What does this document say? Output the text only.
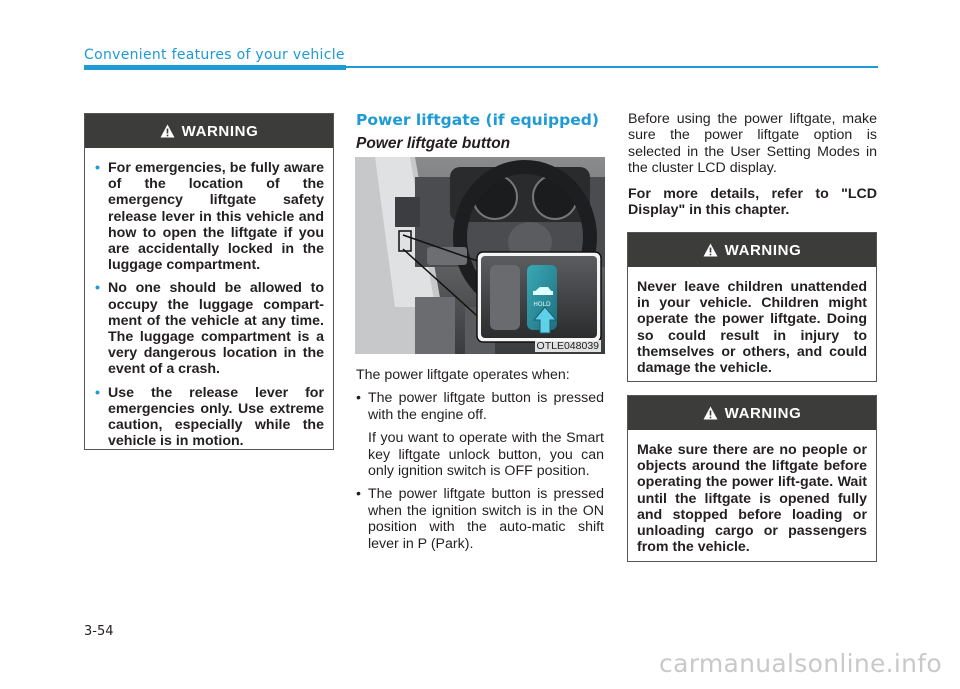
Convenient features of your vehicle
WARNING
• For emergencies, be fully aware of the location of the emergency liftgate safety release lever in this vehicle and how to open the liftgate if you are accidentally locked in the luggage compartment.
• No one should be allowed to occupy the luggage compart-ment of the vehicle at any time. The luggage compartment is a very dangerous location in the event of a crash.
• Use the release lever for emergencies only. Use extreme caution, especially while the vehicle is in motion.
Power liftgate (if equipped)
Power liftgate button
HOLD
OTLE048039

The power liftgate operates when:

• The power liftgate button is pressed with the engine off.

If you want to operate with the Smart key liftgate unlock button, you can only ignition switch is OFF position.

• The power liftgate button is pressed when the ignition switch is in the ON position with the auto-matic shift lever in P (Park).

Before using the power liftgate, make sure the power liftgate option is selected in the User Setting Modes in the cluster LCD display.

For more details, refer to "LCD Display" in this chapter.

WARNING
Never leave children unattended in your vehicle. Children might operate the power liftgate. Doing so could result in injury to themselves or others, and could damage the vehicle.
WARNING
Make sure there are no people or objects around the liftgate before operating the power lift-gate. Wait until the liftgate is opened fully and stopped before loading or unloading cargo or passengers from the vehicle.
3-54
carmanualsonline.info
